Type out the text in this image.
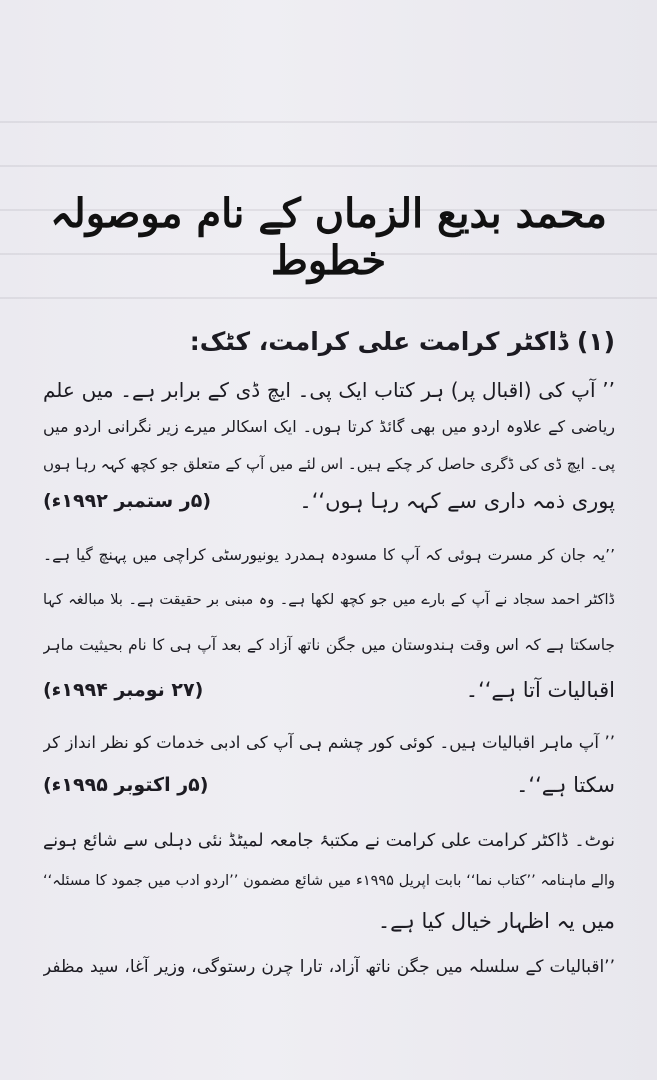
محمد بدیع الزماں کے نام موصولہ خطوط
(۱) ڈاکٹر کرامت علی کرامت، کٹک:
’’ آپ کی (اقبال پر) ہر کتاب ایک پی۔ ایچ ڈی کے برابر ہے۔ میں علم
ریاضی کے علاوہ اردو میں بھی گائڈ کرتا ہوں۔ ایک اسکالر میرے زیر نگرانی اردو میں
پی۔ ایچ ڈی کی ڈگری حاصل کر چکے ہیں۔ اس لئے میں آپ کے متعلق جو کچھ کہہ رہا ہوں
پوری ذمہ داری سے کہہ رہا ہوں‘‘۔
(۵ر ستمبر ۱۹۹۲ء)
’’یہ جان کر مسرت ہوئی کہ آپ کا مسودہ ہمدرد یونیورسٹی کراچی میں پہنچ گیا ہے۔
ڈاکٹر احمد سجاد نے آپ کے بارے میں جو کچھ لکھا ہے۔ وہ مبنی بر حقیقت ہے۔ بلا مبالغہ کہا
جاسکتا ہے کہ اس وقت ہندوستان میں جگن ناتھ آزاد کے بعد آپ ہی کا نام بحیثیت ماہر
اقبالیات آتا ہے‘‘۔
(۲۷ نومبر ۱۹۹۴ء)
’’ آپ ماہر اقبالیات ہیں۔ کوئی کور چشم ہی آپ کی ادبی خدمات کو نظر انداز کر
سکتا ہے‘‘۔
(۵ر اکتوبر ۱۹۹۵ء)
نوٹ۔ ڈاکٹر کرامت علی کرامت نے مکتبۂ جامعہ لمیٹڈ نئی دہلی سے شائع ہونے
والے ماہنامہ ’’کتاب نما‘‘ بابت اپریل ۱۹۹۵ء میں شائع مضمون ’’اردو ادب میں جمود کا مسئلہ‘‘
میں یہ اظہار خیال کیا ہے۔
’’اقبالیات کے سلسلہ میں جگن ناتھ آزاد، تارا چرن رستوگی، وزیر آغا، سید مظفر
